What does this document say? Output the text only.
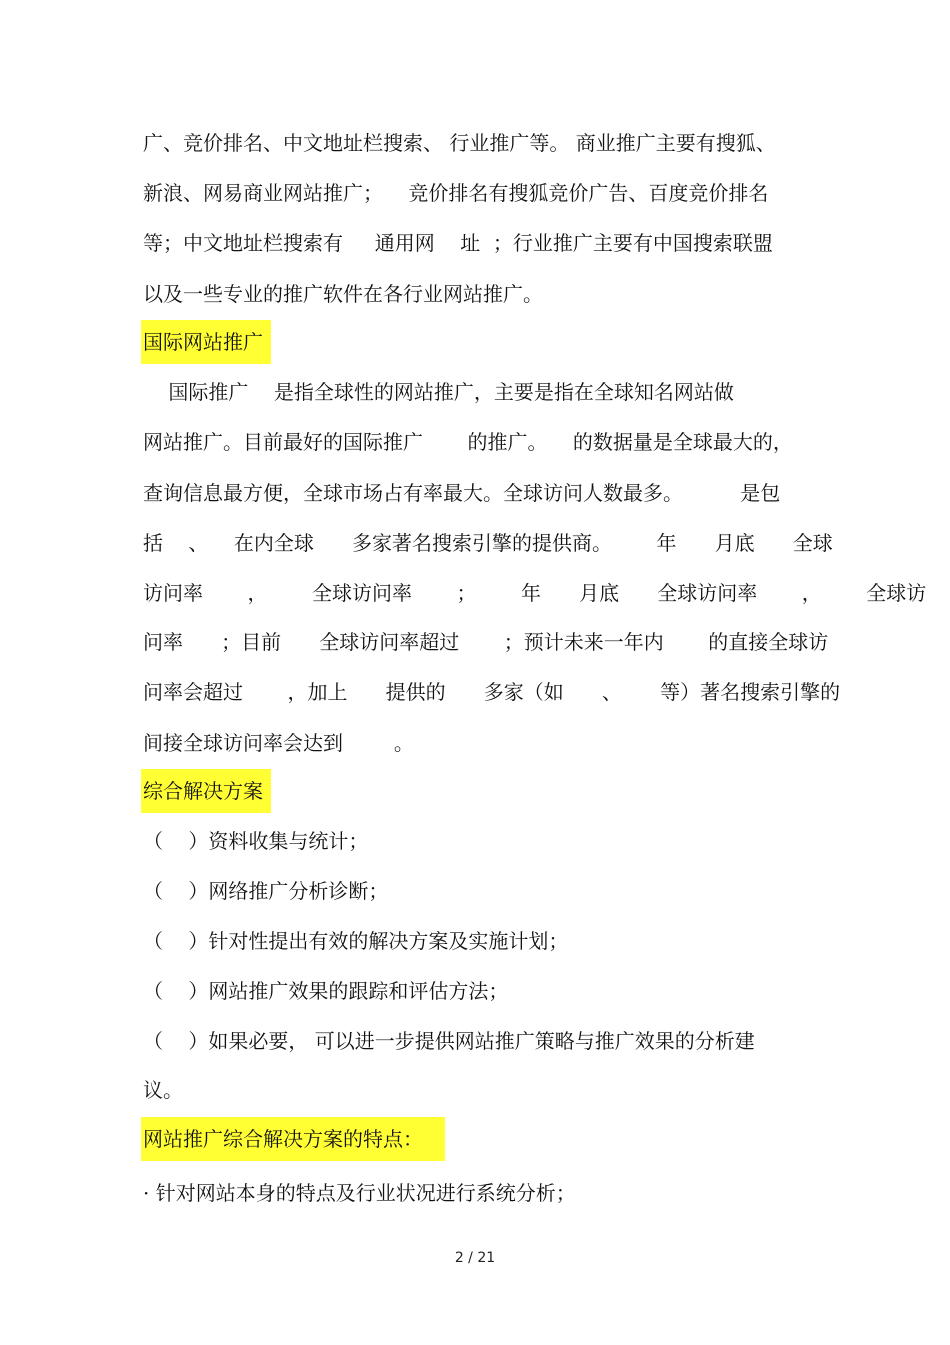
广、竞价排名、中文地址栏搜索、 行业推广等。 商业推广主要有搜狐、
新浪、网易商业网站推广；    竞价排名有搜狐竞价广告、百度竞价排名
等；中文地址栏搜索有     通用网    址  ；行业推广主要有中国搜索联盟
以及一些专业的推广软件在各行业网站推广。
国际网站推广
国际推广    是指全球性的网站推广，主要是指在全球知名网站做
网站推广。目前最好的国际推广       的推广。    的数据量是全球最大的，
查询信息最方便，全球市场占有率最大。全球访问人数最多。         是包
括    、    在内全球      多家著名搜索引擎的提供商。       年      月底      全球
访问率       ，       全球访问率       ；       年      月底      全球访问率       ，       全球访
问率      ；目前      全球访问率超过       ；预计未来一年内       的直接全球访
问率会超过       ，加上      提供的      多家（如      、      等）著名搜索引擎的
间接全球访问率会达到        。
综合解决方案
（    ）资料收集与统计；
（    ）网络推广分析诊断；
（    ）针对性提出有效的解决方案及实施计划；
（    ）网站推广效果的跟踪和评估方法；
（    ）如果必要， 可以进一步提供网站推广策略与推广效果的分析建
议。
网站推广综合解决方案的特点：
· 针对网站本身的特点及行业状况进行系统分析；
2 / 21
